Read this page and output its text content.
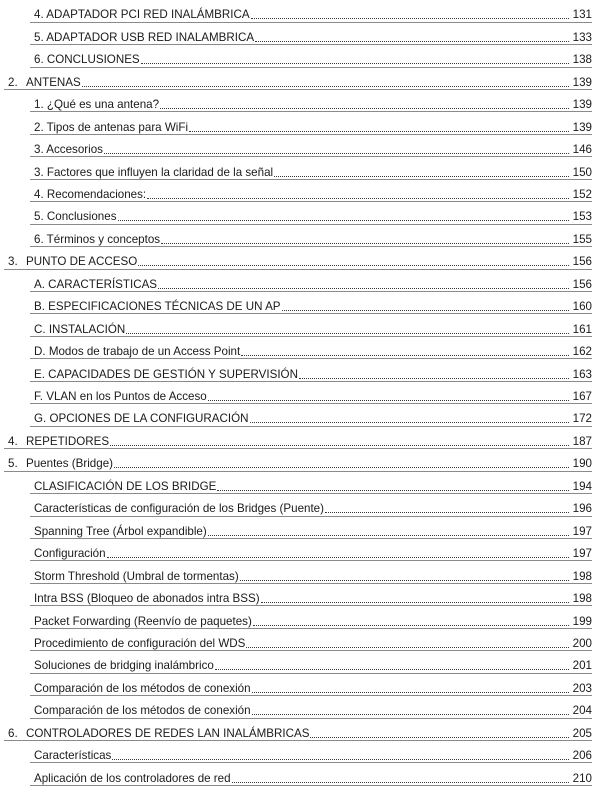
4. ADAPTADOR PCI RED INALÁMBRICA	131
5. ADAPTADOR USB RED INALAMBRICA	133
6. CONCLUSIONES	138
2. ANTENAS	139
1. ¿Qué es una antena?	139
2. Tipos de antenas para WiFi	139
3. Accesorios	146
3. Factores que influyen la claridad de la señal	150
4. Recomendaciones:	152
5. Conclusiones	153
6. Términos y conceptos	155
3. PUNTO DE ACCESO	156
A. CARACTERÍSTICAS	156
B. ESPECIFICACIONES TÉCNICAS DE UN AP	160
C. INSTALACIÓN	161
D. Modos de trabajo de un Access Point	162
E. CAPACIDADES DE GESTIÓN Y SUPERVISIÓN	163
F. VLAN en los Puntos de Acceso	167
G. OPCIONES DE LA CONFIGURACIÓN	172
4. REPETIDORES	187
5. Puentes (Bridge)	190
CLASIFICACIÓN DE LOS BRIDGE	194
Características de configuración de los Bridges (Puente)	196
Spanning Tree (Árbol expandible)	197
Configuración	197
Storm Threshold (Umbral de tormentas)	198
Intra BSS (Bloqueo de abonados intra BSS)	198
Packet Forwarding (Reenvío de paquetes)	199
Procedimiento de configuración del WDS	200
Soluciones de bridging inalámbrico	201
Comparación de los métodos de conexión	203
Comparación de los métodos de conexión	204
6. CONTROLADORES DE REDES LAN INALÁMBRICAS	205
Características	206
Aplicación de los controladores de red	210
